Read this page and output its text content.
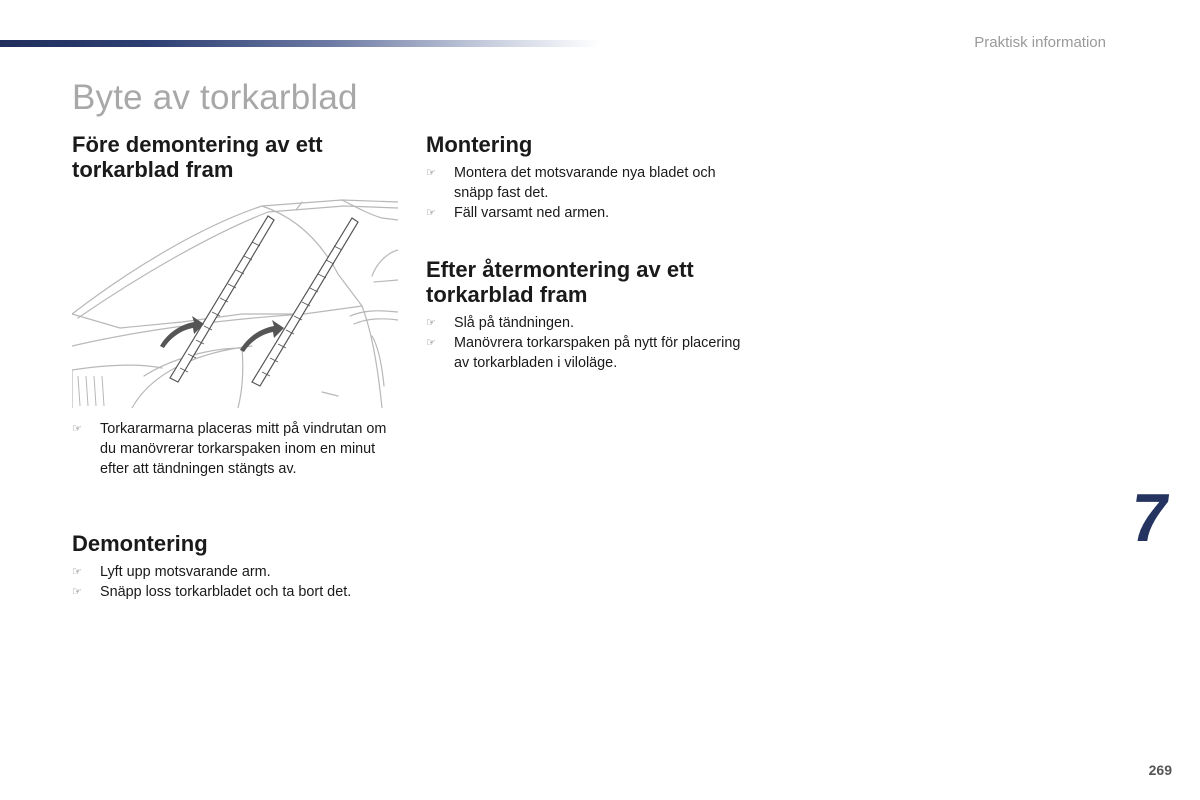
Praktisk information
Byte av torkarblad
Före demontering av ett torkarblad fram
☞ Torkararmarna placeras mitt på vindrutan om du manövrerar torkarspaken inom en minut efter att tändningen stängts av.
Demontering
☞ Lyft upp motsvarande arm.
☞ Snäpp loss torkarbladet och ta bort det.
Montering
☞ Montera det motsvarande nya bladet och snäpp fast det.
☞ Fäll varsamt ned armen.
Efter återmontering av ett torkarblad fram
☞ Slå på tändningen.
☞ Manövrera torkarspaken på nytt för placering av torkarbladen i viloläge.
7
269
